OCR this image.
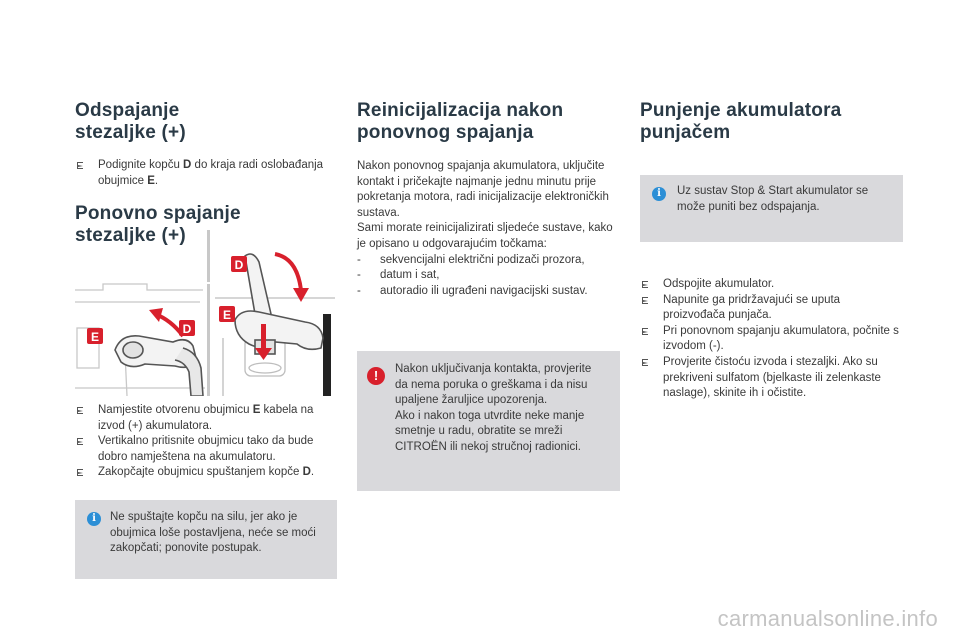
Odspajanje
stezaljke (+)
Podignite kopču D do kraja radi oslobađanja obujmice E.
Ponovno spajanje
stezaljke (+)
E
D
D
E
Namjestite otvorenu obujmicu E kabela na izvod (+) akumulatora.
Vertikalno pritisnite obujmicu tako da bude dobro namještena na akumulatoru.
Zakopčajte obujmicu spuštanjem kopče D.
i	Ne spuštajte kopču na silu, jer ako je obujmica loše postavljena, neće se moći zakopčati; ponovite postupak.
Reinicijalizacija nakon
ponovnog spajanja

Nakon ponovnog spajanja akumulatora, uključite kontakt i pričekajte najmanje jednu minutu prije pokretanja motora, radi inicijalizacije elektroničkih sustava.

Sami morate reinicijalizirati sljedeće sustave, kako je opisano u odgovarajućim točkama:

- sekvencijalni električni podizači prozora,
- datum i sat,
- autoradio ili ugrađeni navigacijski sustav.
!	Nakon uključivanja kontakta, provjerite da nema poruka o greškama i da nisu upaljene žaruljice upozorenja.

Ako i nakon toga utvrdite neke manje smetnje u radu, obratite se mreži CITROËN ili nekoj stručnoj radionici.

Punjenje akumulatora
punjačem
i	Uz sustav Stop & Start akumulator se može puniti bez odspajanja.
Odspojite akumulator.
Napunite ga pridržavajući se uputa proizvođača punjača.
Pri ponovnom spajanju akumulatora, počnite s izvodom (-).
Provjerite čistoću izvoda i stezaljki. Ako su prekriveni sulfatom (bjelkaste ili zelenkaste naslage), skinite ih i očistite.
carmanualsonline.info
